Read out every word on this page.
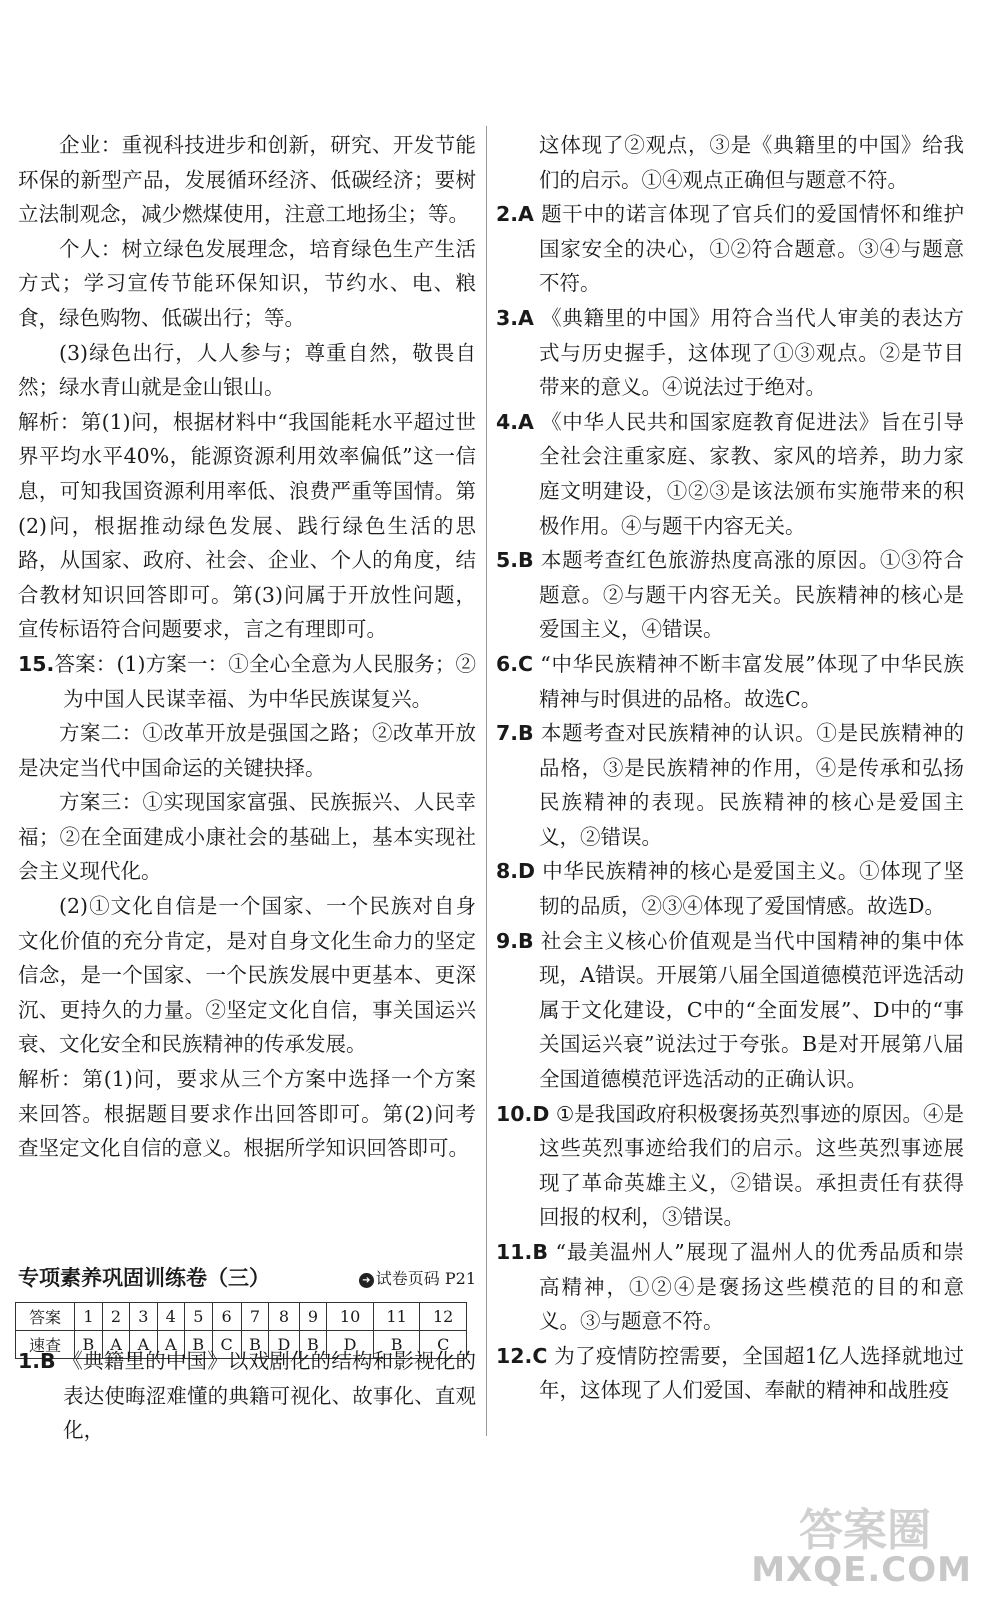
企业：重视科技进步和创新，研究、开发节能环保的新型产品，发展循环经济、低碳经济；要树立法制观念，减少燃煤使用，注意工地扬尘；等。

个人：树立绿色发展理念，培育绿色生产生活方式；学习宣传节能环保知识，节约水、电、粮食，绿色购物、低碳出行；等。

(3)绿色出行，人人参与；尊重自然，敬畏自然；绿水青山就是金山银山。

解析：第(1)问，根据材料中“我国能耗水平超过世界平均水平40%，能源资源利用效率偏低”这一信息，可知我国资源利用率低、浪费严重等国情。第(2)问，根据推动绿色发展、践行绿色生活的思路，从国家、政府、社会、企业、个人的角度，结合教材知识回答即可。第(3)问属于开放性问题，宣传标语符合问题要求，言之有理即可。

15.答案：(1)方案一：①全心全意为人民服务；②为中国人民谋幸福、为中华民族谋复兴。

方案二：①改革开放是强国之路；②改革开放是决定当代中国命运的关键抉择。

方案三：①实现国家富强、民族振兴、人民幸福；②在全面建成小康社会的基础上，基本实现社会主义现代化。

(2)①文化自信是一个国家、一个民族对自身文化价值的充分肯定，是对自身文化生命力的坚定信念，是一个国家、一个民族发展中更基本、更深沉、更持久的力量。②坚定文化自信，事关国运兴衰、文化安全和民族精神的传承发展。

解析：第(1)问，要求从三个方案中选择一个方案来回答。根据题目要求作出回答即可。第(2)问考查坚定文化自信的意义。根据所学知识回答即可。

专项素养巩固训练卷（三）	➜ 试卷页码 P21
答案	1	2	3	4	5	6	7	8	9	10	11	12
速查	B	A	A	A	B	C	B	D	B	D	B	C

1.B 《典籍里的中国》以戏剧化的结构和影视化的表达使晦涩难懂的典籍可视化、故事化、直观化，

这体现了②观点，③是《典籍里的中国》给我们的启示。①④观点正确但与题意不符。

2.A 题干中的诺言体现了官兵们的爱国情怀和维护国家安全的决心，①②符合题意。③④与题意不符。

3.A 《典籍里的中国》用符合当代人审美的表达方式与历史握手，这体现了①③观点。②是节目带来的意义。④说法过于绝对。

4.A 《中华人民共和国家庭教育促进法》旨在引导全社会注重家庭、家教、家风的培养，助力家庭文明建设，①②③是该法颁布实施带来的积极作用。④与题干内容无关。

5.B 本题考查红色旅游热度高涨的原因。①③符合题意。②与题干内容无关。民族精神的核心是爱国主义，④错误。

6.C “中华民族精神不断丰富发展”体现了中华民族精神与时俱进的品格。故选C。

7.B 本题考查对民族精神的认识。①是民族精神的品格，③是民族精神的作用，④是传承和弘扬民族精神的表现。民族精神的核心是爱国主义，②错误。

8.D 中华民族精神的核心是爱国主义。①体现了坚韧的品质，②③④体现了爱国情感。故选D。

9.B 社会主义核心价值观是当代中国精神的集中体现，A错误。开展第八届全国道德模范评选活动属于文化建设，C中的“全面发展”、D中的“事关国运兴衰”说法过于夸张。B是对开展第八届全国道德模范评选活动的正确认识。

10.D ①是我国政府积极褒扬英烈事迹的原因。④是这些英烈事迹给我们的启示。这些英烈事迹展现了革命英雄主义，②错误。承担责任有获得回报的权利，③错误。

11.B “最美温州人”展现了温州人的优秀品质和崇高精神，①②④是褒扬这些模范的目的和意义。③与题意不符。

12.C 为了疫情防控需要，全国超1亿人选择就地过年，这体现了人们爱国、奉献的精神和战胜疫

答案圈
MXQE.COM
